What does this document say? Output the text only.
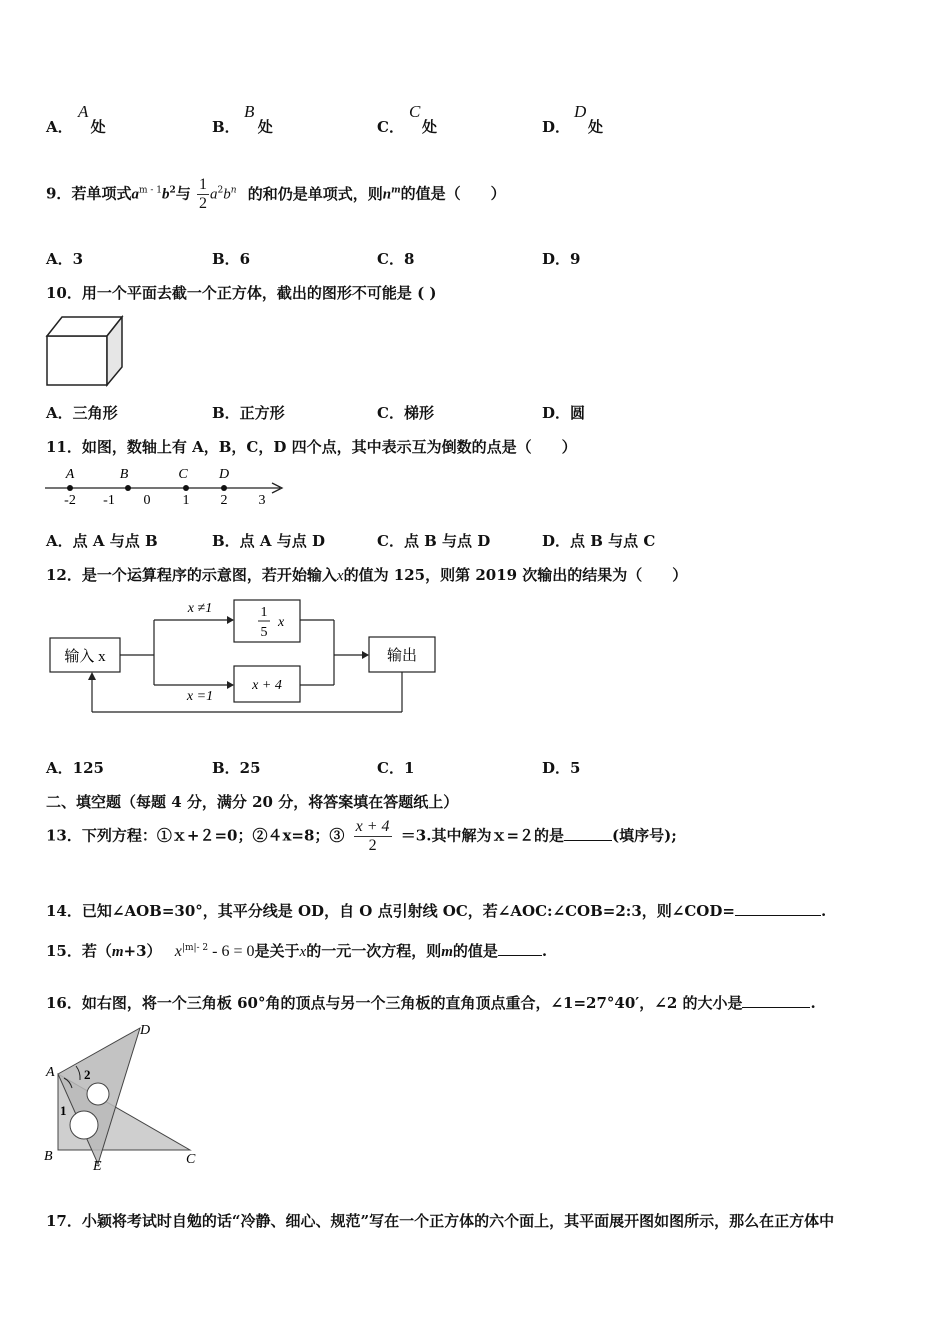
A．
A
处	B．
B
处	C．
C
处	D．
D
处
9．若单项式$a^{m - 1}b^2$与 $\frac{1}{2} a^2b^n$ 的和仍是单项式，则$n^m$的值是（　　）
A．3	B．6	C．8	D．9
10．用一个平面去截一个正方体，截出的图形不可能是 ( )
A．三角形	B．正方形	C．梯形	D．圆
11．如图，数轴上有 A，B，C，D 四个点，其中表示互为倒数的点是（　　）
-2 -1 0 1 2 3
A	B	C D
A．点 A 与点 B	B．点 A 与点 D	C．点 B 与点 D	D．点 B 与点 C
12．是一个运算程序的示意图，若开始输入x的值为 125，则第 2019 次输出的结果为（　　）
输入 x
x ≠1
x =1
1
5
x
x + 4
输出
A．125	B．25	C．1	D．5
二、填空题（每题 4 分，满分 20 分，将答案填在答题纸上）
13．下列方程：①ｘ+２=0；②４x=8；③ $\frac{x + 4}{2} =3$.其中解为ｘ=２的是	(填序号);
14．已知∠AOB=30°，其平分线是 OD，自 O 点引射线 OC，若∠AOC:∠COB=2:3，则∠COD=	.
15．若（m+3） $x^{|m|- 2} - 6 = 0$是关于x的一元一次方程，则m的值是	.
16．如右图，将一个三角板 60°角的顶点与另一个三角板的直角顶点重合，∠1=27°40′，∠2 的大小是	.
A
B	C
D
E
1
2
17．小颖将考试时自勉的话“冷静、细心、规范”写在一个正方体的六个面上，其平面展开图如图所示，那么在正方体中
